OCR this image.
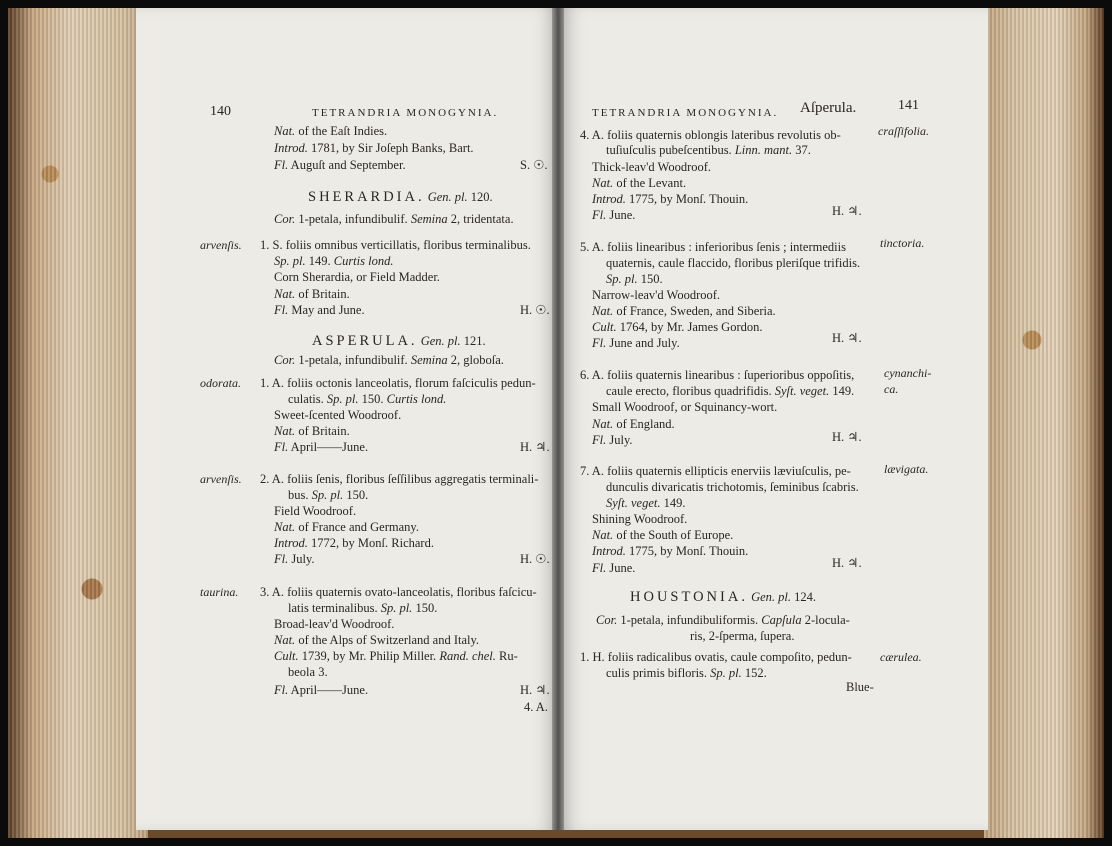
140	TETRANDRIA MONOGYNIA.	TETRANDRIA MONOGYNIA. Aſperula.	141
Nat. of the Eaſt Indies.
Introd. 1781, by Sir Joſeph Banks, Bart.
Fl. Auguſt and September.	S. ☉.
Cor. 1-petala, infundibulif. Semina 2, tridentata.
1. S. foliis omnibus verticillatis, floribus terminalibus.
Sp. pl. 149. Curtis lond.
Corn Sherardia, or Field Madder.
Nat. of Britain.
Fl. May and June.	H. ☉.
Cor. 1-petala, infundibulif. Semina 2, globoſa.
1. A. foliis octonis lanceolatis, florum faſciculis pedun-
culatis. Sp. pl. 150. Curtis lond.
Sweet-ſcented Woodroof.
Nat. of Britain.
Fl. April——June.	H. ♃.
2. A. foliis ſenis, floribus ſeſſilibus aggregatis terminali-
bus. Sp. pl. 150.
Field Woodroof.
Nat. of France and Germany.
Introd. 1772, by Monſ. Richard.
Fl. July.	H. ☉.
3. A. foliis quaternis ovato-lanceolatis, floribus faſcicu-
latis terminalibus. Sp. pl. 150.
Broad-leav'd Woodroof.
Nat. of the Alps of Switzerland and Italy.
Cult. 1739, by Mr. Philip Miller. Rand. chel. Ru-
beola 3.
Fl. April——June.	H. ♃.
4. A.
SHERARDIA. Gen. pl. 120.
ASPERULA. Gen. pl. 121.
arvenſis.
odorata.
arvenſis.
taurina.
4. A. foliis quaternis oblongis lateribus revolutis ob-
tuſiuſculis pubeſcentibus. Linn. mant. 37.
Thick-leav'd Woodroof.
Nat. of the Levant.
Introd. 1775, by Monſ. Thouin.
Fl. June.	H. ♃.
5. A. foliis linearibus : inferioribus ſenis ; intermediis
quaternis, caule flaccido, floribus pleriſque trifidis.
Sp. pl. 150.
Narrow-leav'd Woodroof.
Nat. of France, Sweden, and Siberia.
Cult. 1764, by Mr. James Gordon.
Fl. June and July.	H. ♃.
6. A. foliis quaternis linearibus : ſuperioribus oppoſitis,
caule erecto, floribus quadrifidis. Syſt. veget. 149.
Small Woodroof, or Squinancy-wort.
Nat. of England.
Fl. July.	H. ♃.
7. A. foliis quaternis ellipticis enerviis læviuſculis, pe-
dunculis divaricatis trichotomis, ſeminibus ſcabris.
Syſt. veget. 149.
Shining Woodroof.
Nat. of the South of Europe.
Introd. 1775, by Monſ. Thouin.
Fl. June.	H. ♃.
Cor. 1-petala, infundibuliformis. Capſula 2-locula-
ris, 2-ſperma, ſupera.
1. H. foliis radicalibus ovatis, caule compoſito, pedun-
culis primis bifloris. Sp. pl. 152.
Blue-
HOUSTONIA. Gen. pl. 124.
craſſifolia.
tinctoria.
cynanchi-
ca.
lævigata.
cærulea.
